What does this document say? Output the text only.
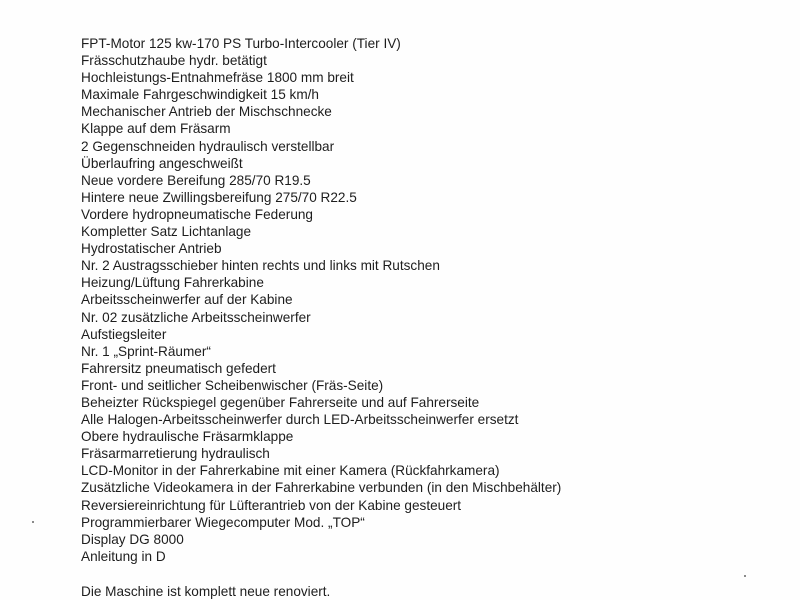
FPT-Motor 125 kw-170 PS Turbo-Intercooler (Tier IV)
Frässchutzhaube hydr. betätigt
Hochleistungs-Entnahmefräse 1800 mm breit
Maximale Fahrgeschwindigkeit 15 km/h
Mechanischer Antrieb der Mischschnecke
Klappe auf dem Fräsarm
2 Gegenschneiden hydraulisch verstellbar
Überlaufring angeschweißt
Neue vordere Bereifung 285/70 R19.5
Hintere neue Zwillingsbereifung 275/70 R22.5
Vordere hydropneumatische Federung
Kompletter Satz Lichtanlage
Hydrostatischer Antrieb
Nr. 2 Austragsschieber hinten rechts und links mit Rutschen
Heizung/Lüftung Fahrerkabine
Arbeitsscheinwerfer auf der Kabine
Nr. 02 zusätzliche Arbeitsscheinwerfer
Aufstiegsleiter
Nr. 1 „Sprint-Räumer“
Fahrersitz pneumatisch gefedert
Front- und seitlicher Scheibenwischer (Fräs-Seite)
Beheizter Rückspiegel gegenüber Fahrerseite und auf Fahrerseite
Alle Halogen-Arbeitsscheinwerfer durch LED-Arbeitsscheinwerfer ersetzt
Obere hydraulische Fräsarmklappe
Fräsarmarretierung hydraulisch
LCD-Monitor in der Fahrerkabine mit einer Kamera (Rückfahrkamera)
Zusätzliche Videokamera in der Fahrerkabine verbunden (in den Mischbehälter)
Reversiereinrichtung für Lüfterantrieb von der Kabine gesteuert
Programmierbarer Wiegecomputer Mod. „TOP“
Display DG 8000
Anleitung in D
Die Maschine ist komplett neue renoviert.
